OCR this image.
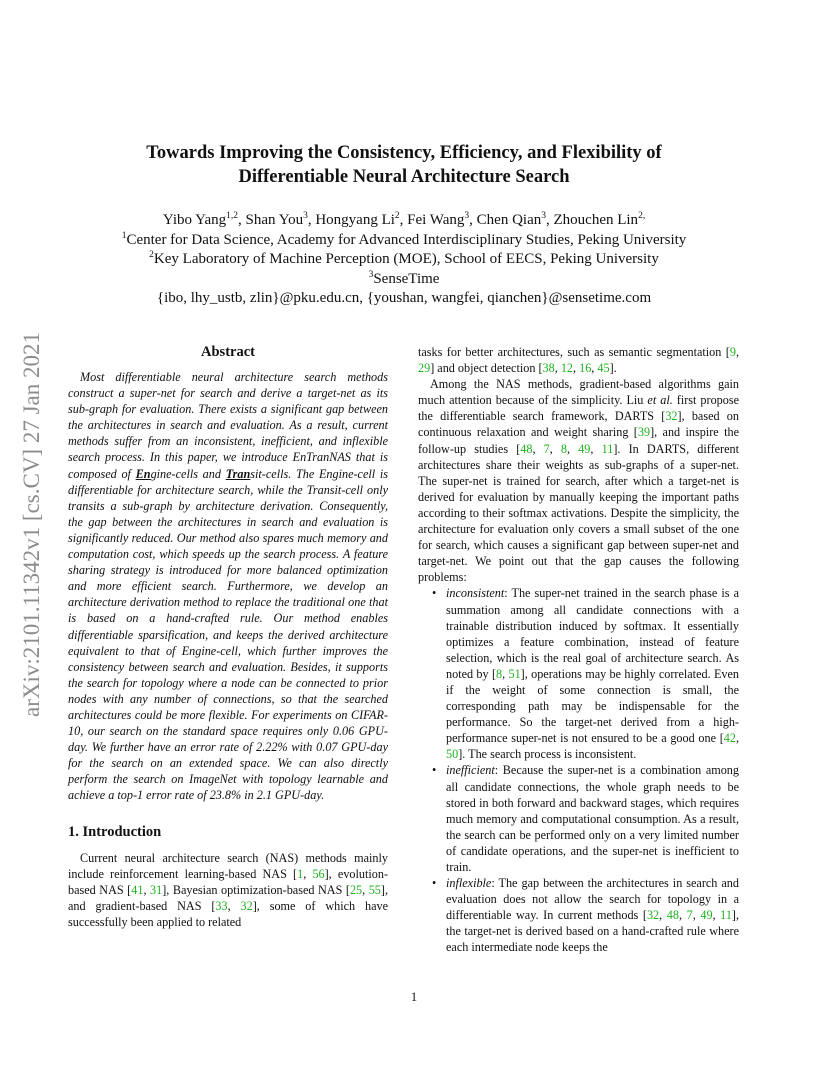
arXiv:2101.11342v1 [cs.CV] 27 Jan 2021
Towards Improving the Consistency, Efficiency, and Flexibility of
Differentiable Neural Architecture Search
Yibo Yang$^{1,2}$, Shan You$^3$, Hongyang Li$^2$, Fei Wang$^3$, Chen Qian$^3$, Zhouchen Lin$^{2,}$
$^1$Center for Data Science, Academy for Advanced Interdisciplinary Studies, Peking University
$^2$Key Laboratory of Machine Perception (MOE), School of EECS, Peking University
$^3$SenseTime
{ibo, lhy_ustb, zlin}@pku.edu.cn, {youshan, wangfei, qianchen}@sensetime.com
Abstract

Most differentiable neural architecture search methods construct a super-net for search and derive a target-net as its sub-graph for evaluation. There exists a significant gap between the architectures in search and evaluation. As a result, current methods suffer from an inconsistent, inefficient, and inflexible search process. In this paper, we introduce EnTranNAS that is composed of Engine-cells and Transit-cells. The Engine-cell is differentiable for architecture search, while the Transit-cell only transits a sub-graph by architecture derivation. Consequently, the gap between the architectures in search and evaluation is significantly reduced. Our method also spares much memory and computation cost, which speeds up the search process. A feature sharing strategy is introduced for more balanced optimization and more efficient search. Furthermore, we develop an architecture derivation method to replace the traditional one that is based on a hand-crafted rule. Our method enables differentiable sparsification, and keeps the derived architecture equivalent to that of Engine-cell, which further improves the consistency between search and evaluation. Besides, it supports the search for topology where a node can be connected to prior nodes with any number of connections, so that the searched architectures could be more flexible. For experiments on CIFAR-10, our search on the standard space requires only 0.06 GPU-day. We further have an error rate of 2.22% with 0.07 GPU-day for the search on an extended space. We can also directly perform the search on ImageNet with topology learnable and achieve a top-1 error rate of 23.8% in 2.1 GPU-day.

1. Introduction

Current neural architecture search (NAS) methods mainly include reinforcement learning-based NAS [1, 56], evolution-based NAS [41, 31], Bayesian optimization-based NAS [25, 55], and gradient-based NAS [33, 32], some of which have successfully been applied to related

tasks for better architectures, such as semantic segmentation [9, 29] and object detection [38, 12, 16, 45].

Among the NAS methods, gradient-based algorithms gain much attention because of the simplicity. Liu et al. first propose the differentiable search framework, DARTS [32], based on continuous relaxation and weight sharing [39], and inspire the follow-up studies [48, 7, 8, 49, 11]. In DARTS, different architectures share their weights as sub-graphs of a super-net. The super-net is trained for search, after which a target-net is derived for evaluation by manually keeping the important paths according to their softmax activations. Despite the simplicity, the architecture for evaluation only covers a small subset of the one for search, which causes a significant gap between super-net and target-net. We point out that the gap causes the following problems:

• inconsistent: The super-net trained in the search phase is a summation among all candidate connections with a trainable distribution induced by softmax. It essentially optimizes a feature combination, instead of feature selection, which is the real goal of architecture search. As noted by [8, 51], operations may be highly correlated. Even if the weight of some connection is small, the corresponding path may be indispensable for the performance. So the target-net derived from a high-performance super-net is not ensured to be a good one [42, 50]. The search process is inconsistent.
• inefficient: Because the super-net is a combination among all candidate connections, the whole graph needs to be stored in both forward and backward stages, which requires much memory and computational consumption. As a result, the search can be performed only on a very limited number of candidate operations, and the super-net is inefficient to train.
• inflexible: The gap between the architectures in search and evaluation does not allow the search for topology in a differentiable way. In current methods [32, 48, 7, 49, 11], the target-net is derived based on a hand-crafted rule where each intermediate node keeps the
1
